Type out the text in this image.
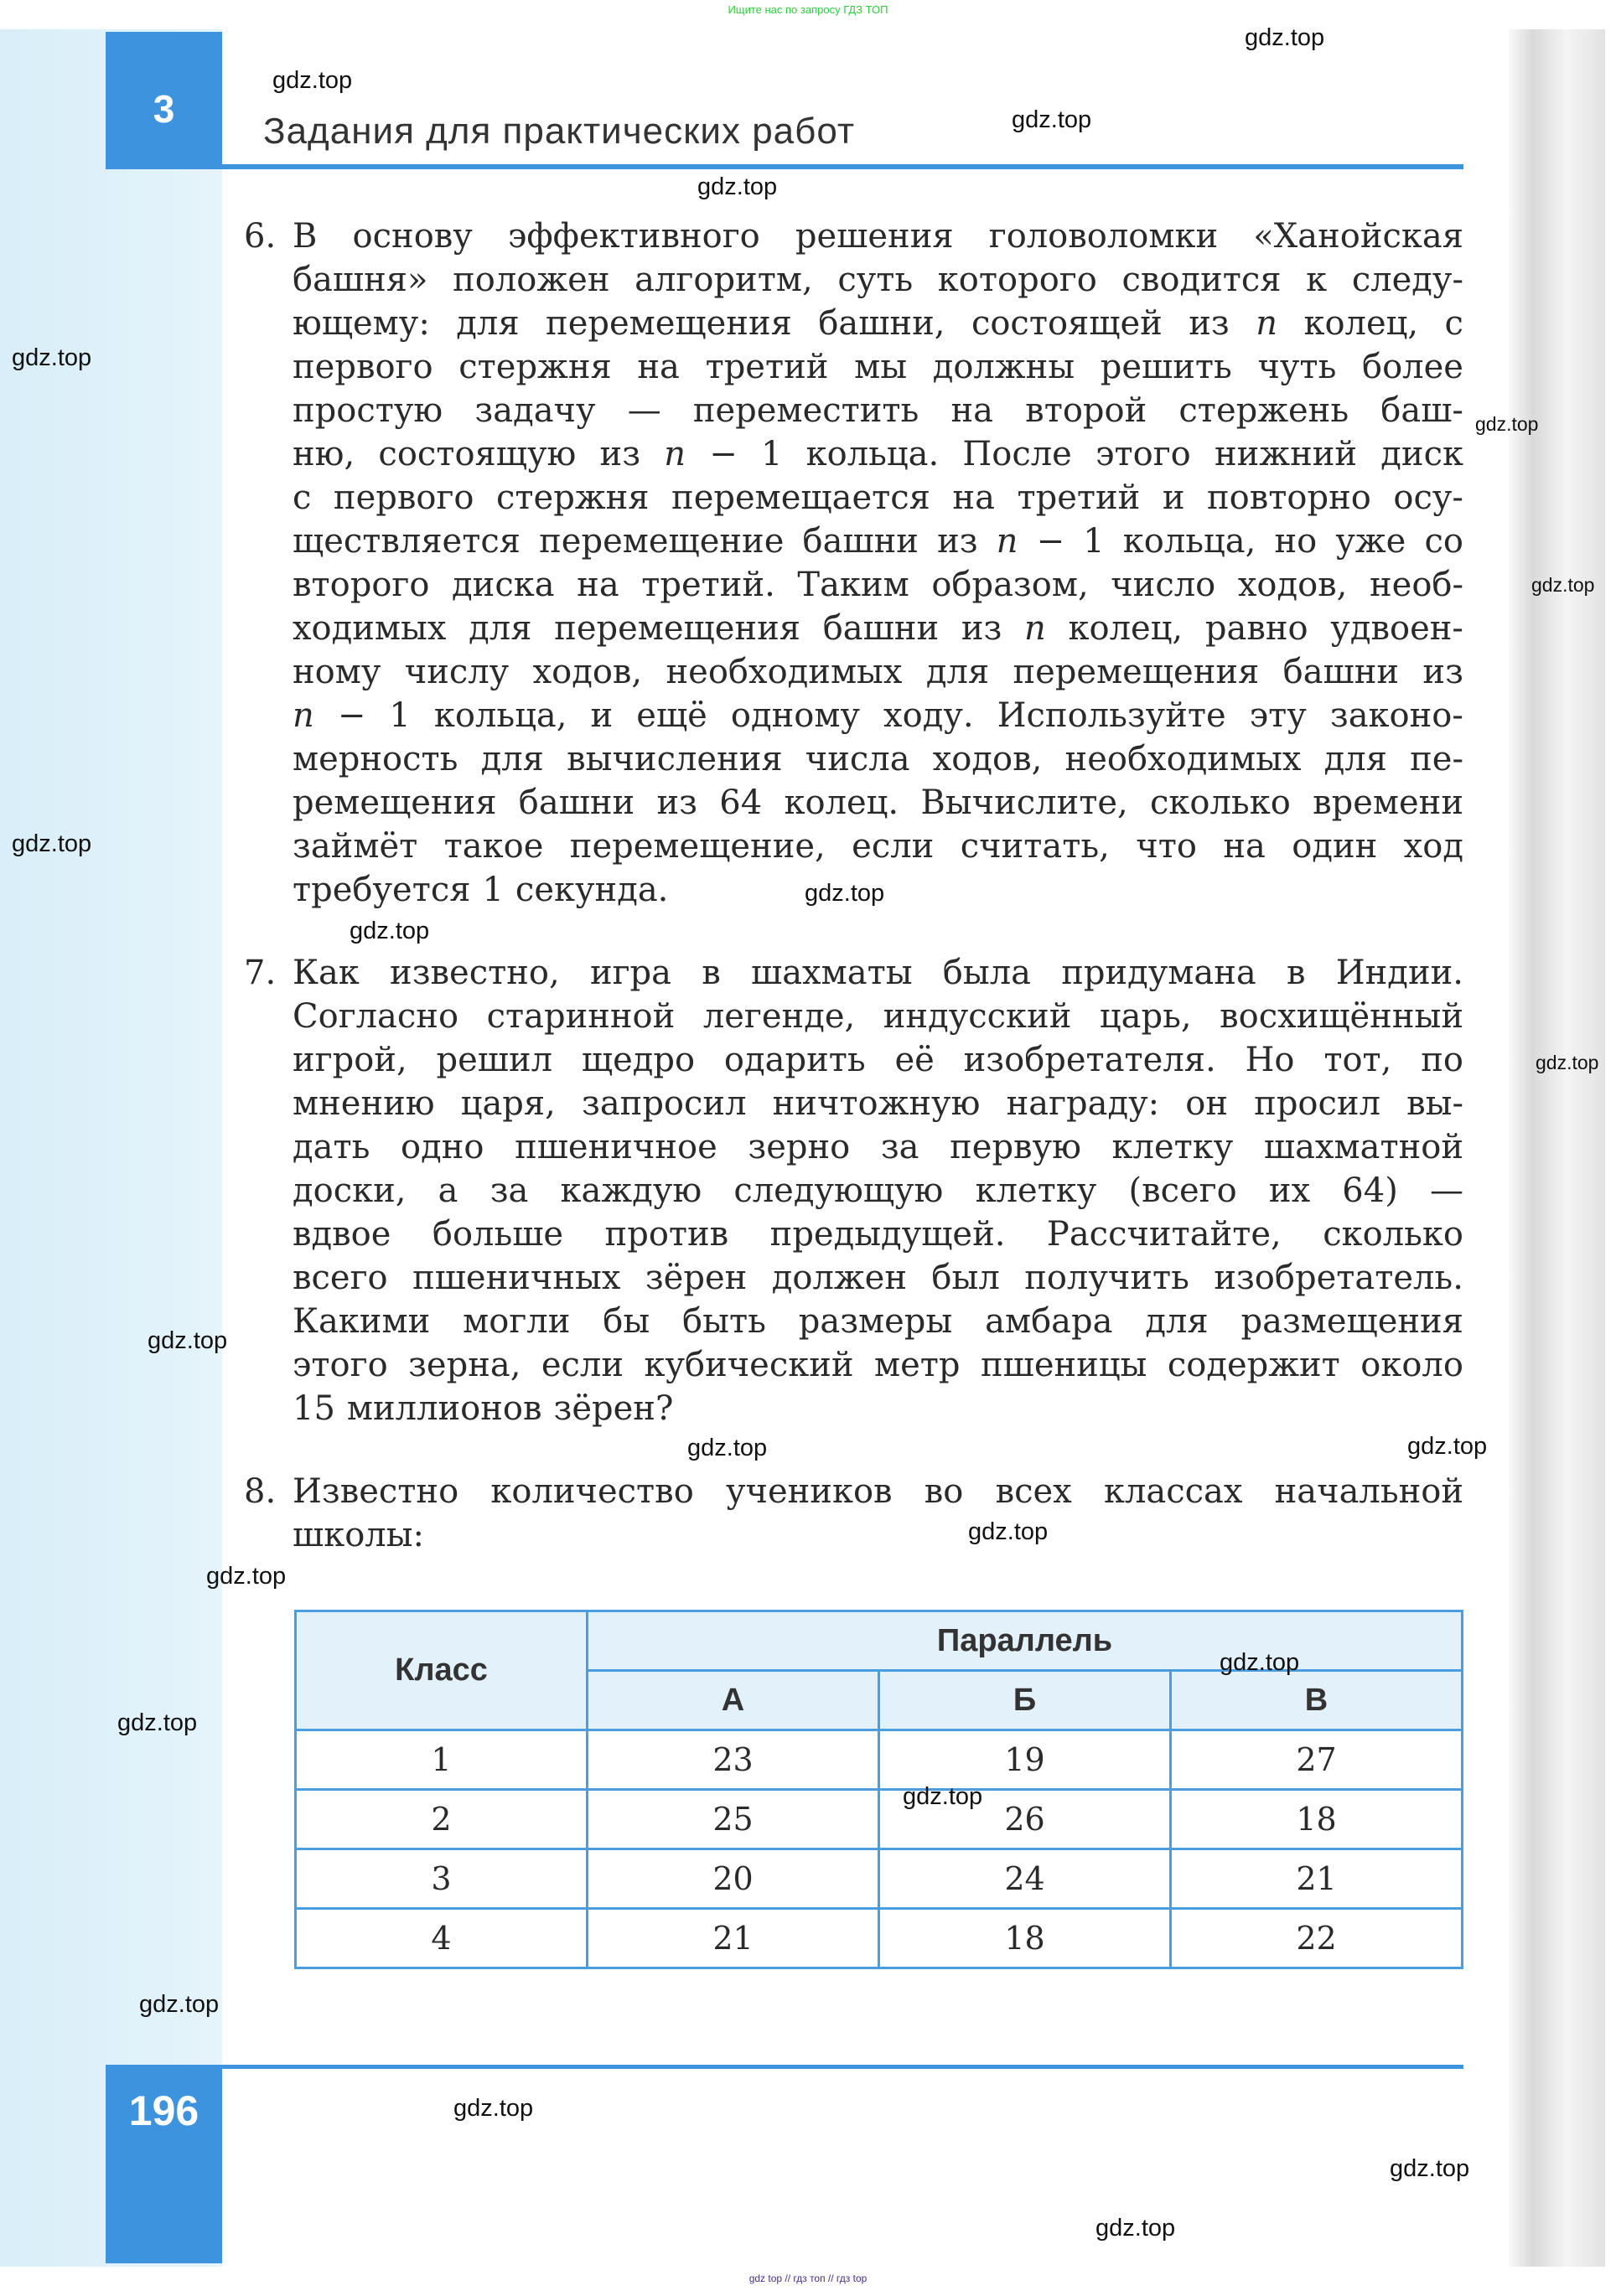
Ищите нас по запросу ГДЗ ТОП
3
Задания для практических работ
6. В основу эффективного решения головоломки «Ханойская
башня» положен алгоритм, суть которого сводится к следу-
ющему: для перемещения башни, состоящей из n колец, с
первого стержня на третий мы должны решить чуть более
простую задачу — переместить на второй стержень баш-
ню, состоящую из n − 1 кольца. После этого нижний диск
с первого стержня перемещается на третий и повторно осу-
ществляется перемещение башни из n − 1 кольца, но уже со
второго диска на третий. Таким образом, число ходов, необ-
ходимых для перемещения башни из n колец, равно удвоен-
ному числу ходов, необходимых для перемещения башни из
n − 1 кольца, и ещё одному ходу. Используйте эту законо-
мерность для вычисления числа ходов, необходимых для пе-
ремещения башни из 64 колец. Вычислите, сколько времени
займёт такое перемещение, если считать, что на один ход
требуется 1 секунда.
7. Как известно, игра в шахматы была придумана в Индии.
Согласно старинной легенде, индусский царь, восхищённый
игрой, решил щедро одарить её изобретателя. Но тот, по
мнению царя, запросил ничтожную награду: он просил вы-
дать одно пшеничное зерно за первую клетку шахматной
доски, а за каждую следующую клетку (всего их 64) —
вдвое больше против предыдущей. Рассчитайте, сколько
всего пшеничных зёрен должен был получить изобретатель.
Какими могли бы быть размеры амбара для размещения
этого зерна, если кубический метр пшеницы содержит около
15 миллионов зёрен?
8. Известно количество учеников во всех классах начальной
школы:
Класс	Параллель		
	А	Б	В
1	23	19	27
2	25	26	18
3	20	24	21
4	21	18	22
196
gdz top // гдз топ // гдз top
gdz.top
gdz.top
gdz.top
gdz.top
gdz.top
gdz.top
gdz.top
gdz.top
gdz.top
gdz.top
gdz.top
gdz.top
gdz.top
gdz.top
gdz.top
gdz.top
gdz.top
gdz.top
gdz.top
gdz.top
gdz.top
gdz.top
gdz.top
